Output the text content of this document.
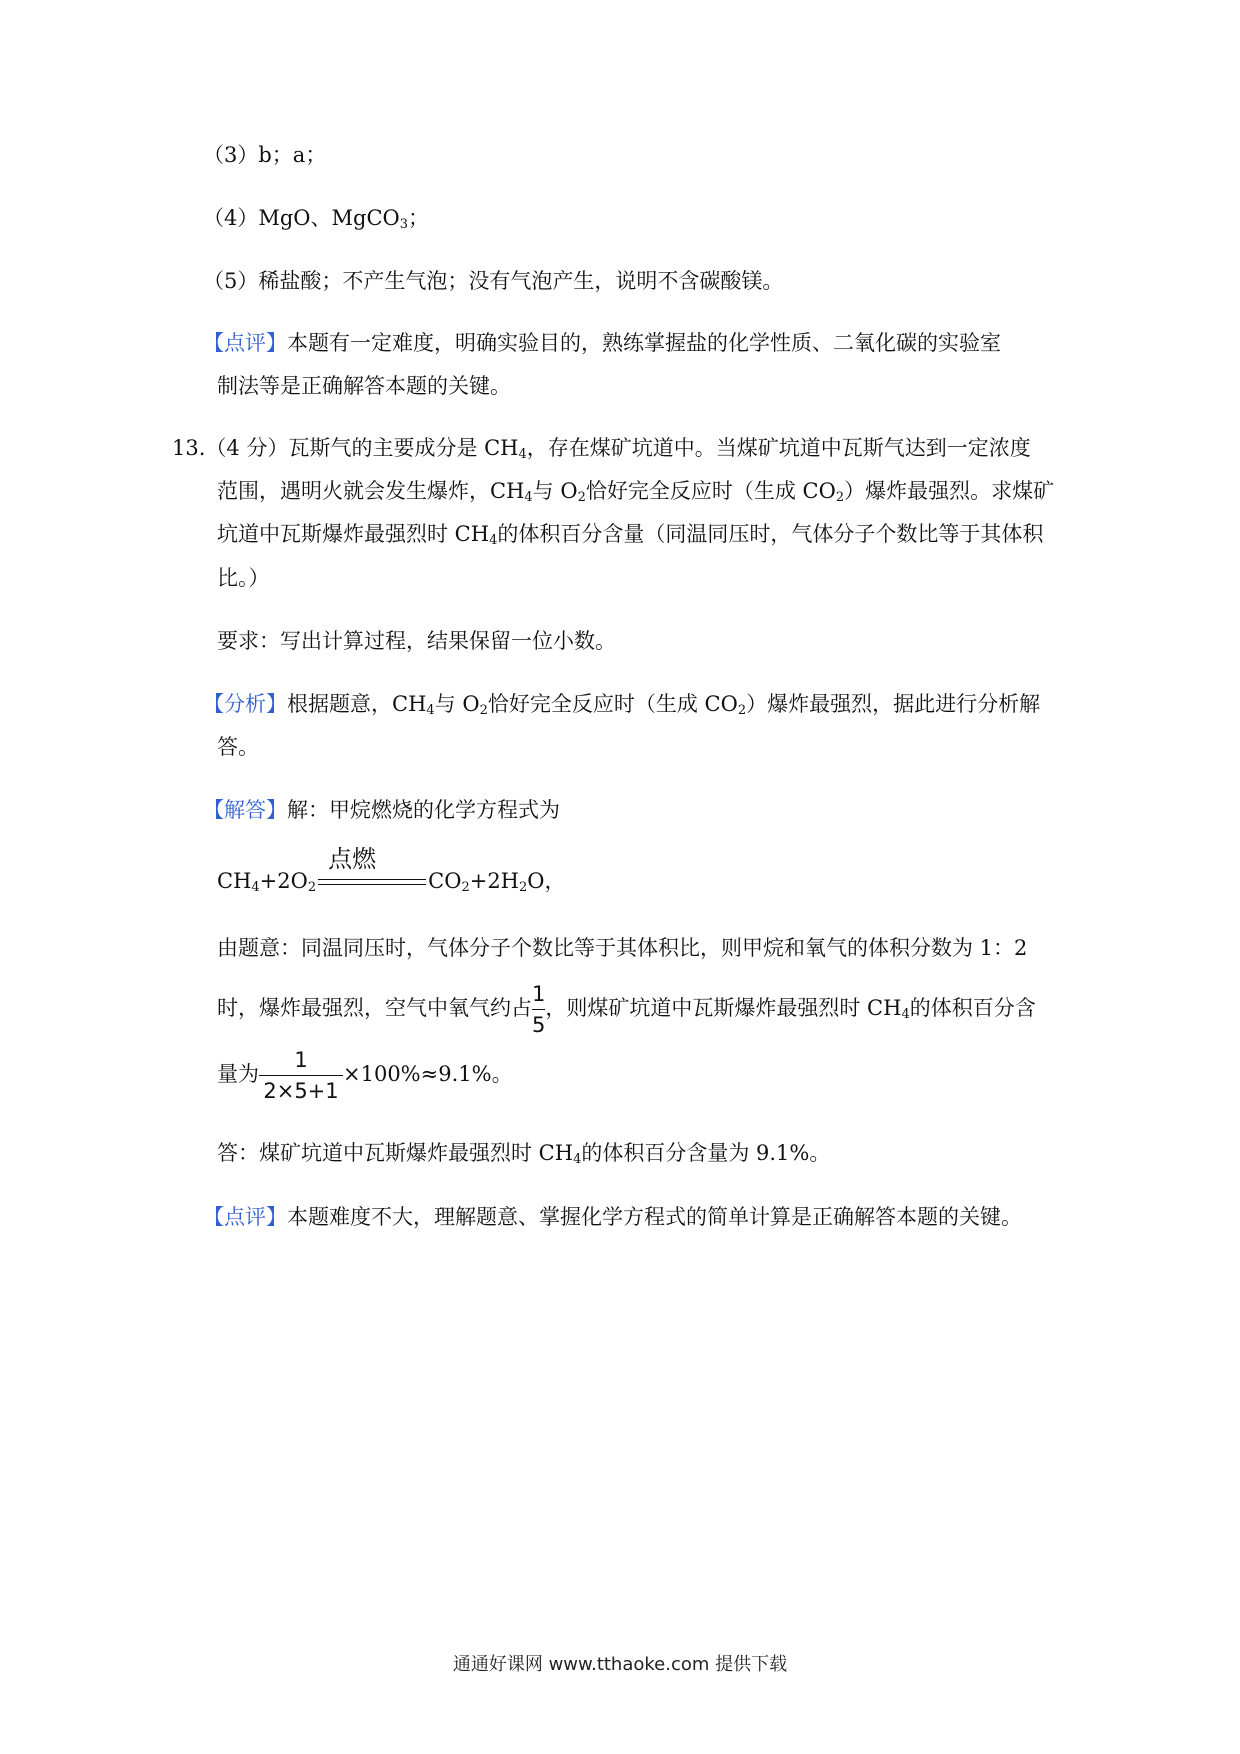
（3）b；a；
（4）MgO、MgCO$_3$；
（5）稀盐酸；不产生气泡；没有气泡产生，说明不含碳酸镁。
【点评】本题有一定难度，明确实验目的，熟练掌握盐的化学性质、二氧化碳的实验室
制法等是正确解答本题的关键。
13.（4 分）瓦斯气的主要成分是 $CH_4$，存在煤矿坑道中。当煤矿坑道中瓦斯气达到一定浓度
范围，遇明火就会发生爆炸，$CH_4$与 $O_2$恰好完全反应时（生成 $CO_2$）爆炸最强烈。求煤矿
坑道中瓦斯爆炸最强烈时 $CH_4$的体积百分含量（同温同压时，气体分子个数比等于其体积
比。）
要求：写出计算过程，结果保留一位小数。
【分析】根据题意，$CH_4$与 $O_2$恰好完全反应时（生成 $CO_2$）爆炸最强烈，据此进行分析解
答。
【解答】解：甲烷燃烧的化学方程式为
$CH_4+2O_2$
点燃
$CO_2+2H_2O$，
由题意：同温同压时，气体分子个数比等于其体积比，则甲烷和氧气的体积分数为 1：2
时，爆炸最强烈，空气中氧气约占 $\frac{1}{5}$ ，则煤矿坑道中瓦斯爆炸最强烈时 $CH_4$的体积百分含
量为 $\frac{1}{2\times 5+1} \times 100\%\approx 9.1\%$。
答：煤矿坑道中瓦斯爆炸最强烈时 $CH_4$的体积百分含量为 9.1%。
【点评】本题难度不大，理解题意、掌握化学方程式的简单计算是正确解答本题的关键。
通通好课网 www.tthaoke.com 提供下载
